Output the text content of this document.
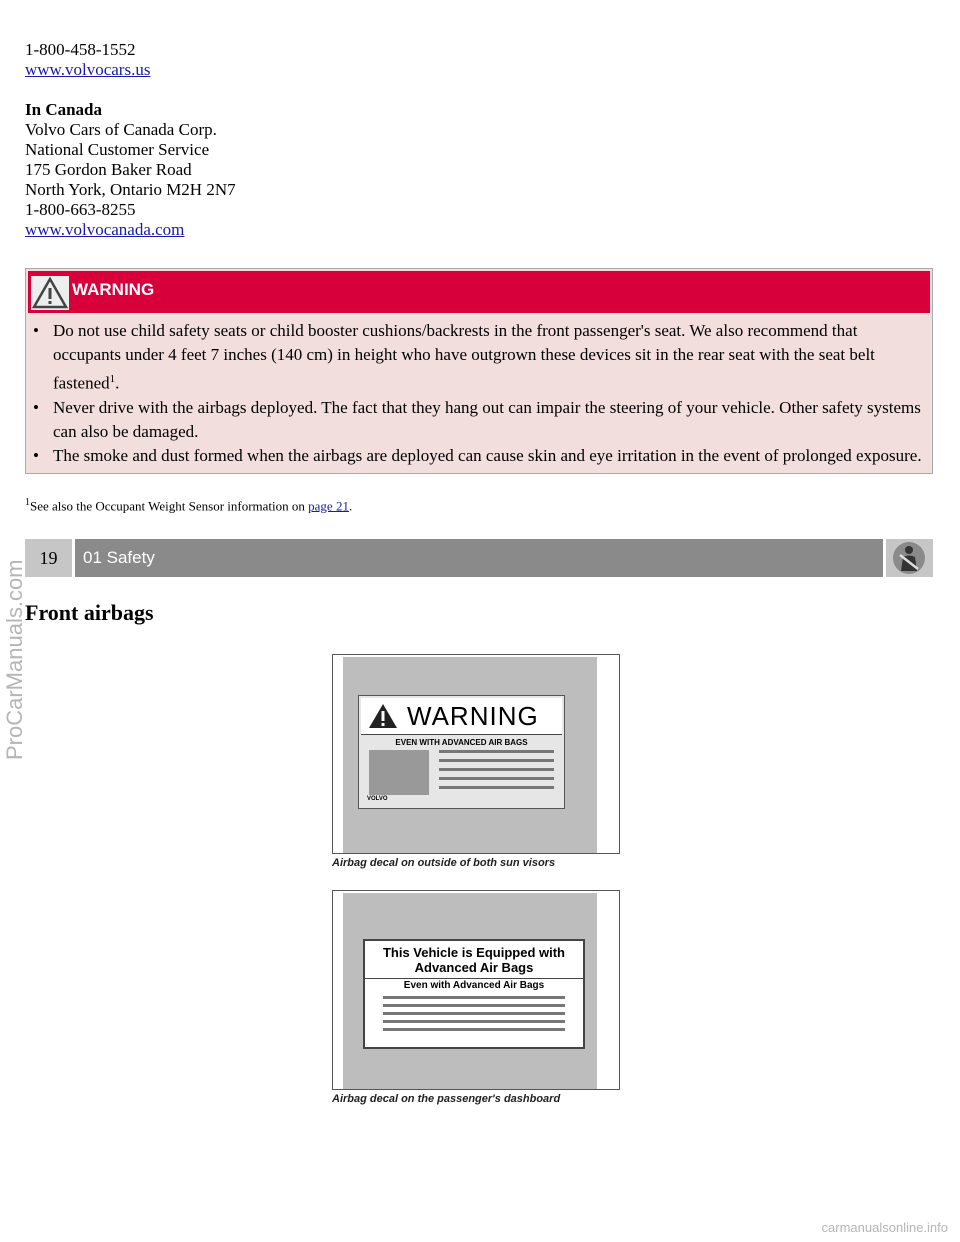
1-800-458-1552
www.volvocars.us
In Canada
Volvo Cars of Canada Corp.
National Customer Service
175 Gordon Baker Road
North York, Ontario M2H 2N7
1-800-663-8255
www.volvocanada.com
WARNING
• Do not use child safety seats or child booster cushions/backrests in the front passenger's seat. We also recommend that occupants under 4 feet 7 inches (140 cm) in height who have outgrown these devices sit in the rear seat with the seat belt fastened$^1$.
• Never drive with the airbags deployed. The fact that they hang out can impair the steering of your vehicle. Other safety systems can also be damaged.
• The smoke and dust formed when the airbags are deployed can cause skin and eye irritation in the event of prolonged exposure.
$^1$See also the Occupant Weight Sensor information on page 21.
19	01 Safety
Front airbags
WARNING
EVEN WITH ADVANCED AIR BAGS
VOLVO
Airbag decal on outside of both sun visors
This Vehicle is Equipped with Advanced Air Bags
Even with Advanced Air Bags
Airbag decal on the passenger's dashboard
ProCarManuals.com
carmanualsonline.info
